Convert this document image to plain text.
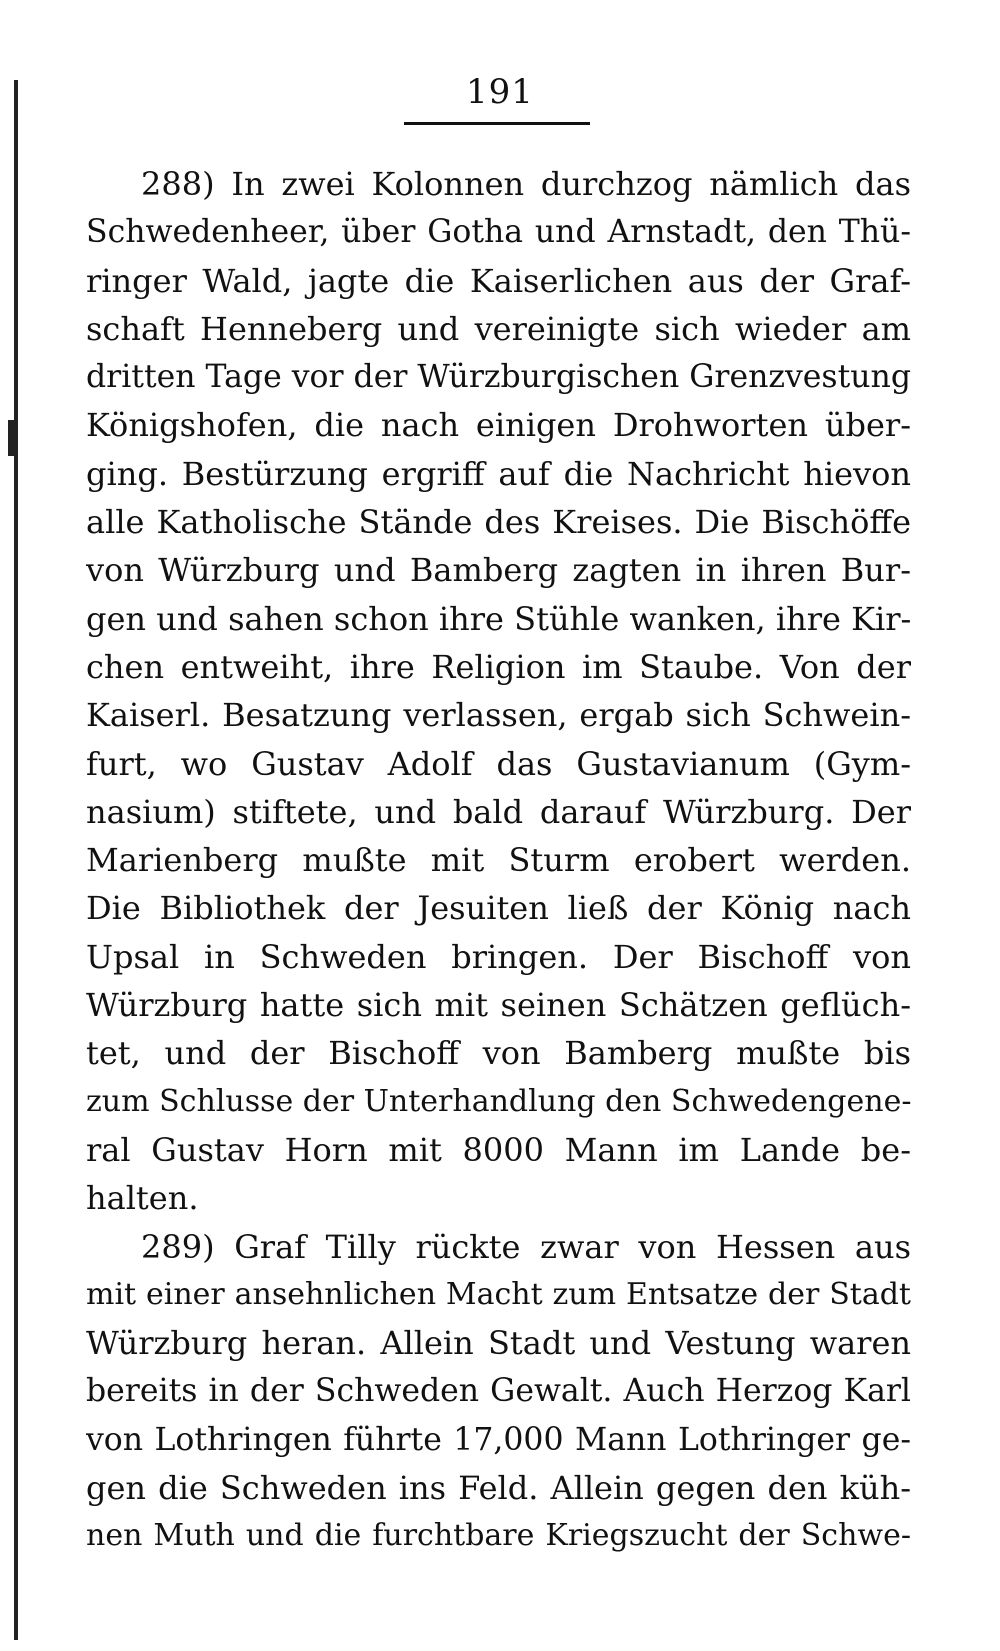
191
288) In zwei Kolonnen durchzog nämlich das
Schwedenheer, über Gotha und Arnstadt, den Thü-
ringer Wald, jagte die Kaiserlichen aus der Graf-
schaft Henneberg und vereinigte sich wieder am
dritten Tage vor der Würzburgischen Grenzvestung
Königshofen, die nach einigen Drohworten über-
ging. Bestürzung ergriff auf die Nachricht hievon
alle Katholische Stände des Kreises. Die Bischöffe
von Würzburg und Bamberg zagten in ihren Bur-
gen und sahen schon ihre Stühle wanken, ihre Kir-
chen entweiht, ihre Religion im Staube. Von der
Kaiserl. Besatzung verlassen, ergab sich Schwein-
furt, wo Gustav Adolf das Gustavianum (Gym-
nasium) stiftete, und bald darauf Würzburg. Der
Marienberg mußte mit Sturm erobert werden.
Die Bibliothek der Jesuiten ließ der König nach
Upsal in Schweden bringen. Der Bischoff von
Würzburg hatte sich mit seinen Schätzen geflüch-
tet, und der Bischoff von Bamberg mußte bis
zum Schlusse der Unterhandlung den Schwedengene-
ral Gustav Horn mit 8000 Mann im Lande be-
halten.
289) Graf Tilly rückte zwar von Hessen aus
mit einer ansehnlichen Macht zum Entsatze der Stadt
Würzburg heran. Allein Stadt und Vestung waren
bereits in der Schweden Gewalt. Auch Herzog Karl
von Lothringen führte 17,000 Mann Lothringer ge-
gen die Schweden ins Feld. Allein gegen den küh-
nen Muth und die furchtbare Kriegszucht der Schwe-
